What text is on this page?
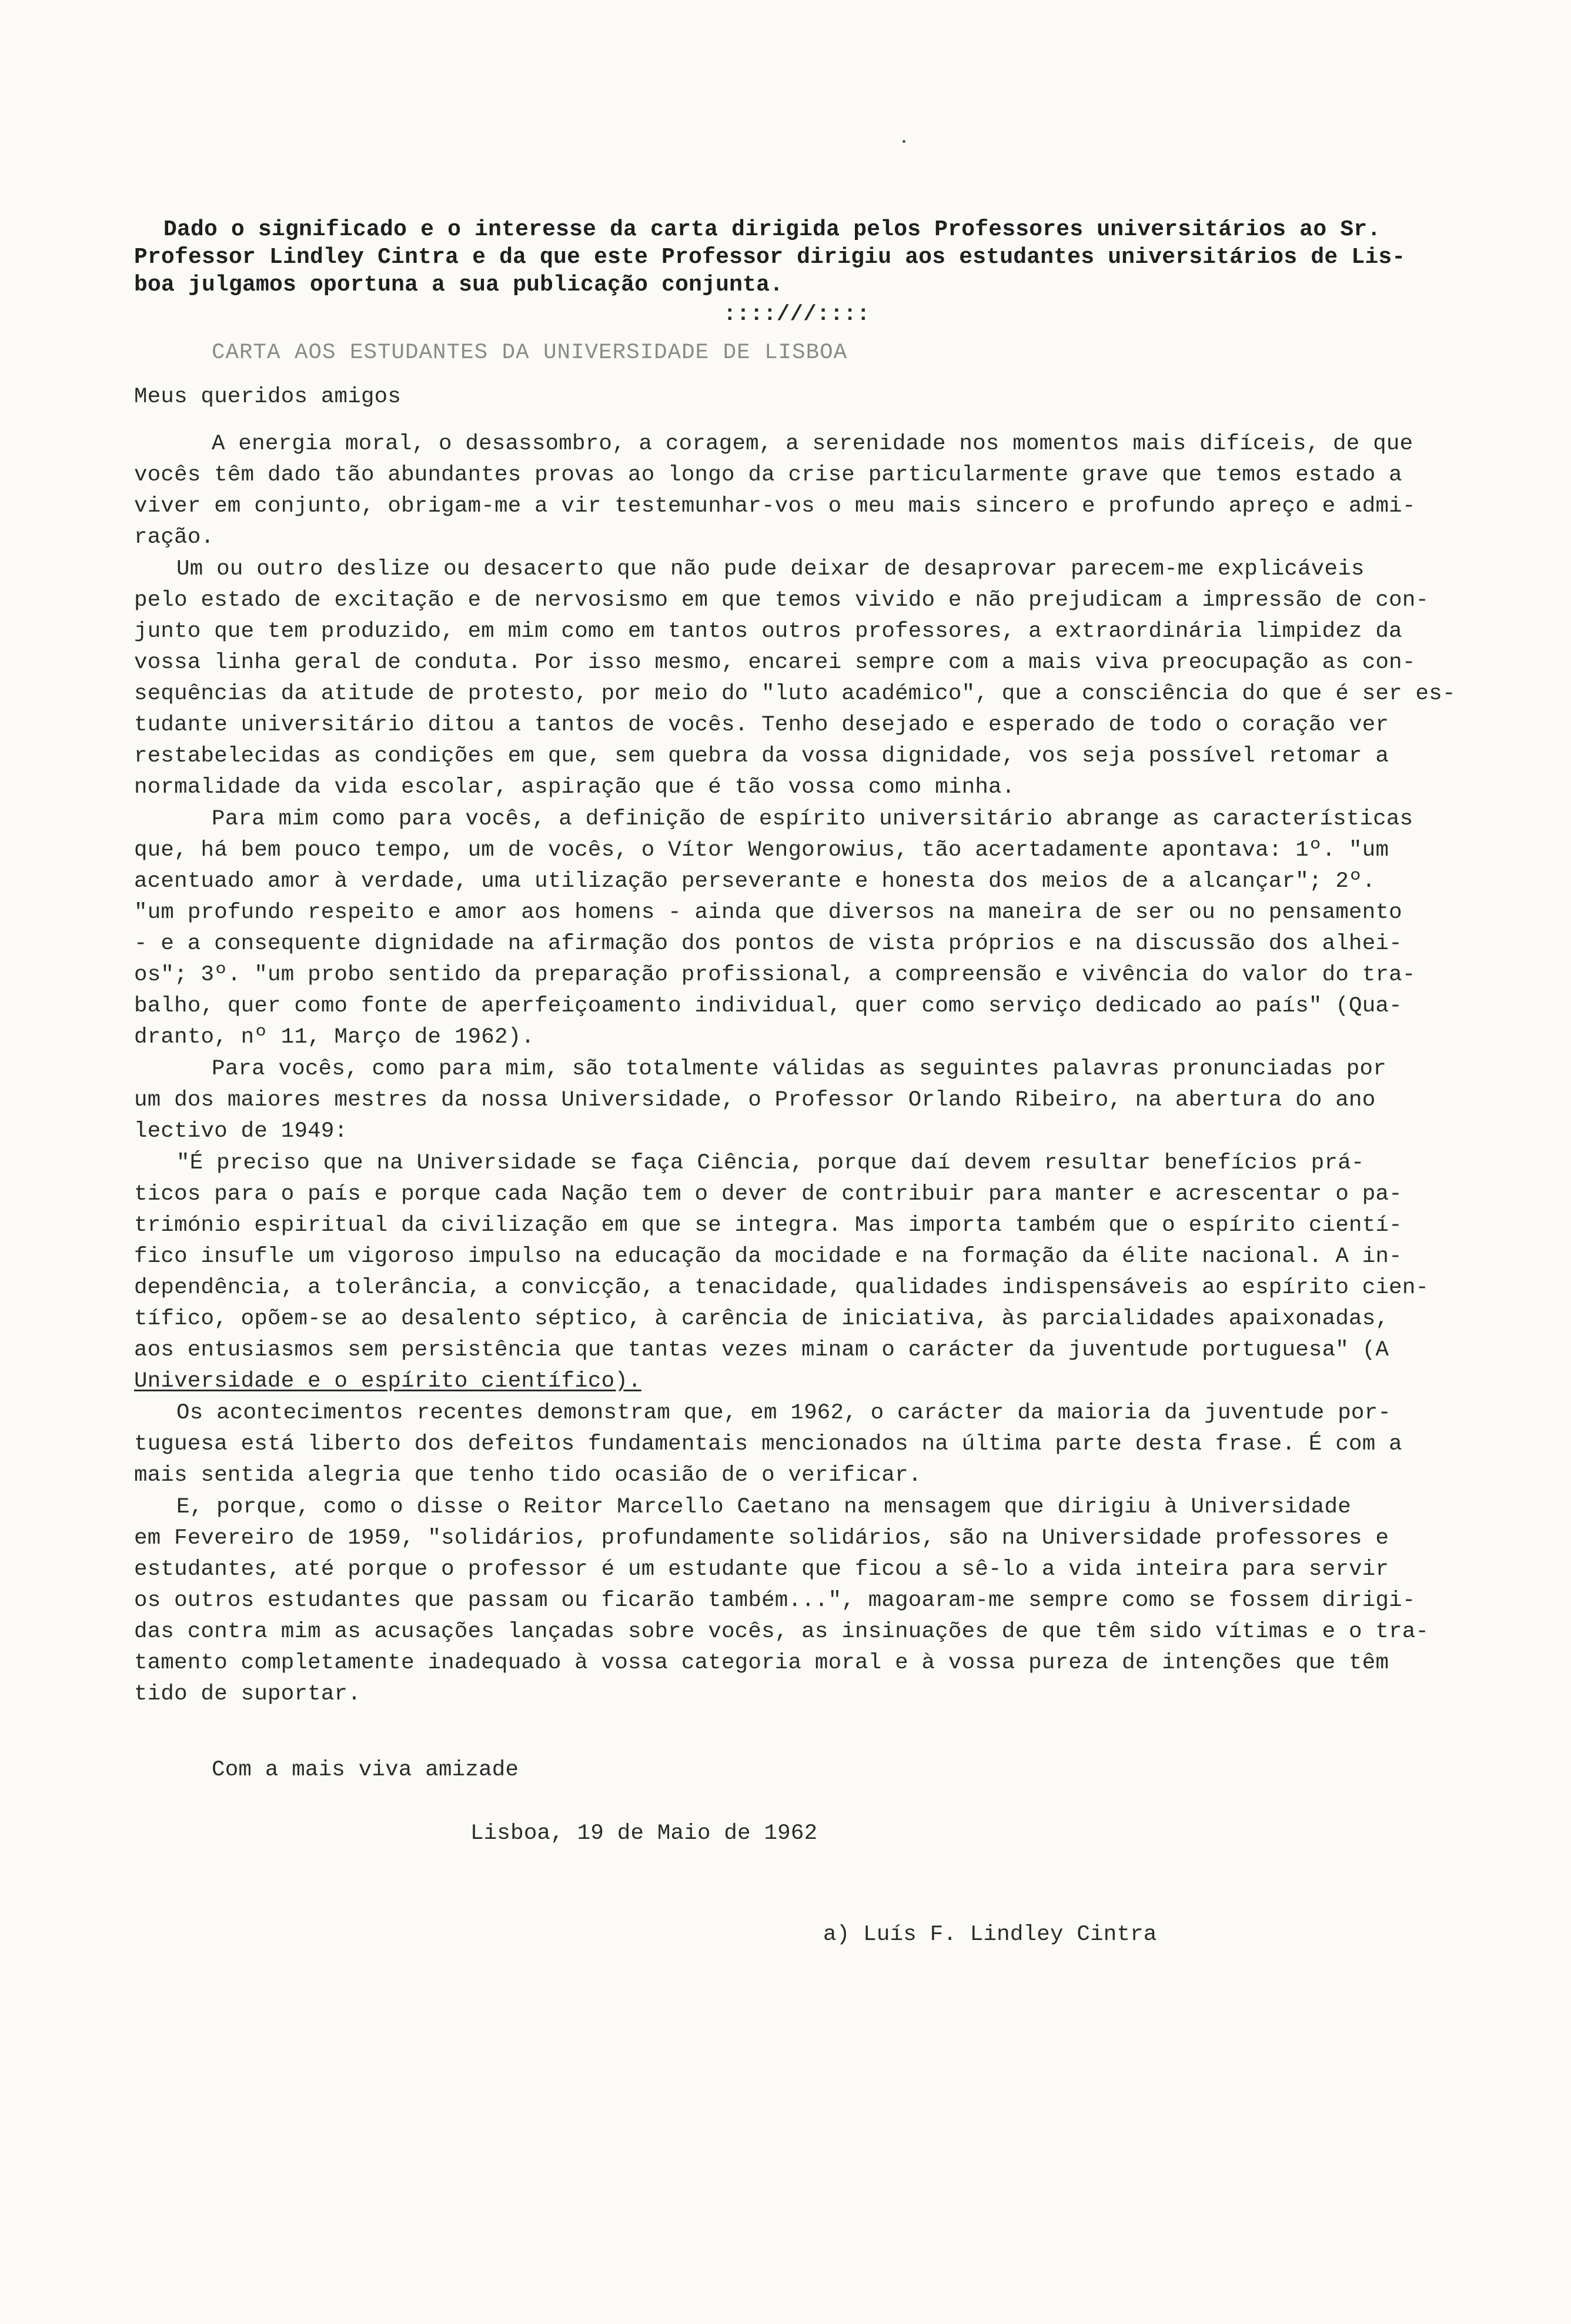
Dado o significado e o interesse da carta dirigida pelos Professores universitários ao Sr.
Professor Lindley Cintra e da que este Professor dirigiu aos estudantes universitários de Lis-
boa julgamos oportuna a sua publicação conjunta.
::::///::::
CARTA AOS ESTUDANTES DA UNIVERSIDADE DE LISBOA
Meus queridos amigos
A energia moral, o desassombro, a coragem, a serenidade nos momentos mais difíceis, de que
vocês têm dado tão abundantes provas ao longo da crise particularmente grave que temos estado a
viver em conjunto, obrigam-me a vir testemunhar-vos o meu mais sincero e profundo apreço e admi-
ração.
Um ou outro deslize ou desacerto que não pude deixar de desaprovar parecem-me explicáveis
pelo estado de excitação e de nervosismo em que temos vivido e não prejudicam a impressão de con-
junto que tem produzido, em mim como em tantos outros professores, a extraordinária limpidez da
vossa linha geral de conduta. Por isso mesmo, encarei sempre com a mais viva preocupação as con-
sequências da atitude de protesto, por meio do "luto académico", que a consciência do que é ser es-
tudante universitário ditou a tantos de vocês. Tenho desejado e esperado de todo o coração ver
restabelecidas as condições em que, sem quebra da vossa dignidade, vos seja possível retomar a
normalidade da vida escolar, aspiração que é tão vossa como minha.
Para mim como para vocês, a definição de espírito universitário abrange as características
que, há bem pouco tempo, um de vocês, o Vítor Wengorowius, tão acertadamente apontava: 1º. "um
acentuado amor à verdade, uma utilização perseverante e honesta dos meios de a alcançar"; 2º.
"um profundo respeito e amor aos homens - ainda que diversos na maneira de ser ou no pensamento
- e a consequente dignidade na afirmação dos pontos de vista próprios e na discussão dos alhei-
os"; 3º. "um probo sentido da preparação profissional, a compreensão e vivência do valor do tra-
balho, quer como fonte de aperfeiçoamento individual, quer como serviço dedicado ao país" (Qua-
dranto, nº 11, Março de 1962).
Para vocês, como para mim, são totalmente válidas as seguintes palavras pronunciadas por
um dos maiores mestres da nossa Universidade, o Professor Orlando Ribeiro, na abertura do ano
lectivo de 1949:
"É preciso que na Universidade se faça Ciência, porque daí devem resultar benefícios prá-
ticos para o país e porque cada Nação tem o dever de contribuir para manter e acrescentar o pa-
trimónio espiritual da civilização em que se integra. Mas importa também que o espírito cientí-
fico insufle um vigoroso impulso na educação da mocidade e na formação da élite nacional. A in-
dependência, a tolerância, a convicção, a tenacidade, qualidades indispensáveis ao espírito cien-
tífico, opõem-se ao desalento séptico, à carência de iniciativa, às parcialidades apaixonadas,
aos entusiasmos sem persistência que tantas vezes minam o carácter da juventude portuguesa" (A
Universidade e o espírito científico).
Os acontecimentos recentes demonstram que, em 1962, o carácter da maioria da juventude por-
tuguesa está liberto dos defeitos fundamentais mencionados na última parte desta frase. É com a
mais sentida alegria que tenho tido ocasião de o verificar.
E, porque, como o disse o Reitor Marcello Caetano na mensagem que dirigiu à Universidade
em Fevereiro de 1959, "solidários, profundamente solidários, são na Universidade professores e
estudantes, até porque o professor é um estudante que ficou a sê-lo a vida inteira para servir
os outros estudantes que passam ou ficarão também...", magoaram-me sempre como se fossem dirigi-
das contra mim as acusações lançadas sobre vocês, as insinuações de que têm sido vítimas e o tra-
tamento completamente inadequado à vossa categoria moral e à vossa pureza de intenções que têm
tido de suportar.
Com a mais viva amizade
Lisboa, 19 de Maio de 1962
a) Luís F. Lindley Cintra
